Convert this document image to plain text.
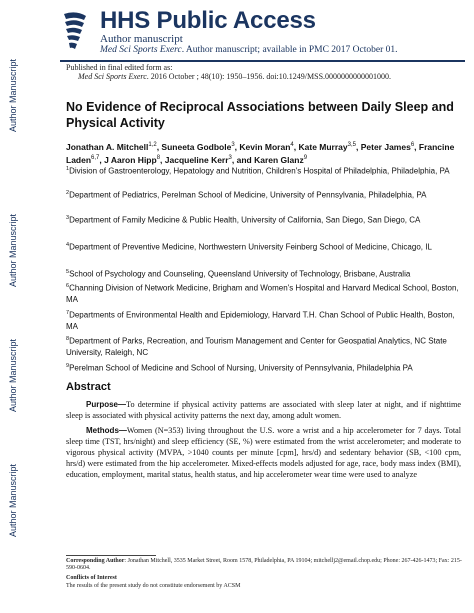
HHS Public Access
Author manuscript
Med Sci Sports Exerc. Author manuscript; available in PMC 2017 October 01.
Published in final edited form as:
Med Sci Sports Exerc. 2016 October ; 48(10): 1950–1956. doi:10.1249/MSS.0000000000001000.
Author Manuscript
Author Manuscript
Author Manuscript
Author Manuscript
No Evidence of Reciprocal Associations between Daily Sleep and Physical Activity
Jonathan A. Mitchell$^{1,2}$, Suneeta Godbole$^3$, Kevin Moran$^4$, Kate Murray$^{3,5}$, Peter James$^6$, Francine Laden$^{6,7}$, J Aaron Hipp$^8$, Jacqueline Kerr$^3$, and Karen Glanz$^9$
$^1$Division of Gastroenterology, Hepatology and Nutrition, Children's Hospital of Philadelphia, Philadelphia, PA
$^2$Department of Pediatrics, Perelman School of Medicine, University of Pennsylvania, Philadelphia, PA
$^3$Department of Family Medicine & Public Health, University of California, San Diego, San Diego, CA
$^4$Department of Preventive Medicine, Northwestern University Feinberg School of Medicine, Chicago, IL
$^5$School of Psychology and Counseling, Queensland University of Technology, Brisbane, Australia
$^6$Channing Division of Network Medicine, Brigham and Women's Hospital and Harvard Medical School, Boston, MA
$^7$Departments of Environmental Health and Epidemiology, Harvard T.H. Chan School of Public Health, Boston, MA
$^8$Department of Parks, Recreation, and Tourism Management and Center for Geospatial Analytics, NC State University, Raleigh, NC
$^9$Perelman School of Medicine and School of Nursing, University of Pennsylvania, Philadelphia PA
Abstract
Purpose—To determine if physical activity patterns are associated with sleep later at night, and if nighttime sleep is associated with physical activity patterns the next day, among adult women.
Methods—Women (N=353) living throughout the U.S. wore a wrist and a hip accelerometer for 7 days. Total sleep time (TST, hrs/night) and sleep efficiency (SE, %) were estimated from the wrist accelerometer; and moderate to vigorous physical activity (MVPA, >1040 counts per minute [cpm], hrs/d) and sedentary behavior (SB, <100 cpm, hrs/d) were estimated from the hip accelerometer. Mixed-effects models adjusted for age, race, body mass index (BMI), education, employment, marital status, health status, and hip accelerometer wear time were used to analyze
Corresponding Author: Jonathan Mitchell, 3535 Market Street, Room 1578, Philadelphia, PA 19104; mitchellj2@email.chop.edu; Phone: 267-426-1473; Fax: 215-590-0604.
Conflicts of Interest
The results of the present study do not constitute endorsement by ACSM
